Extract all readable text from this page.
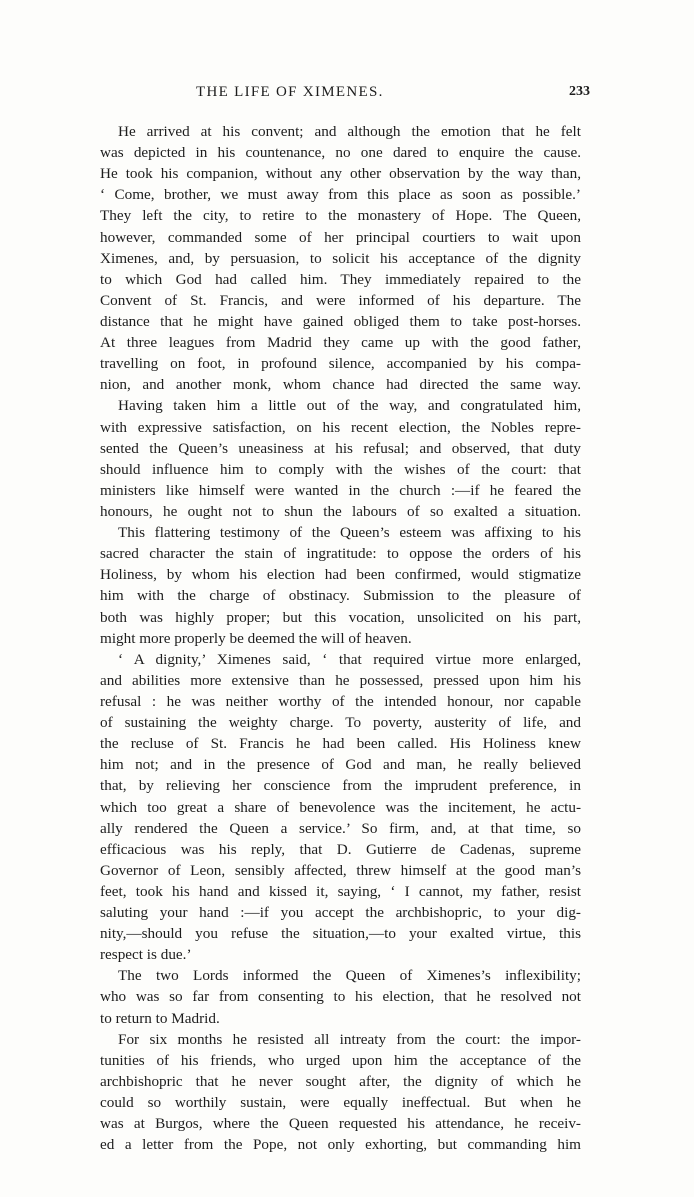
THE LIFE OF XIMENES.	233
He arrived at his convent; and although the emotion that he felt
was depicted in his countenance, no one dared to enquire the cause.
He took his companion, without any other observation by the way than,
‘ Come, brother, we must away from this place as soon as possible.’
They left the city, to retire to the monastery of Hope. The Queen,
however, commanded some of her principal courtiers to wait upon
Ximenes, and, by persuasion, to solicit his acceptance of the dignity
to which God had called him. They immediately repaired to the
Convent of St. Francis, and were informed of his departure. The
distance that he might have gained obliged them to take post-horses.
At three leagues from Madrid they came up with the good father,
travelling on foot, in profound silence, accompanied by his compa-
nion, and another monk, whom chance had directed the same way.
Having taken him a little out of the way, and congratulated him,
with expressive satisfaction, on his recent election, the Nobles repre-
sented the Queen’s uneasiness at his refusal; and observed, that duty
should influence him to comply with the wishes of the court: that
ministers like himself were wanted in the church :—if he feared the
honours, he ought not to shun the labours of so exalted a situation.
This flattering testimony of the Queen’s esteem was affixing to his
sacred character the stain of ingratitude: to oppose the orders of his
Holiness, by whom his election had been confirmed, would stigmatize
him with the charge of obstinacy. Submission to the pleasure of
both was highly proper; but this vocation, unsolicited on his part,
might more properly be deemed the will of heaven.
‘ A dignity,’ Ximenes said, ‘ that required virtue more enlarged,
and abilities more extensive than he possessed, pressed upon him his
refusal : he was neither worthy of the intended honour, nor capable
of sustaining the weighty charge. To poverty, austerity of life, and
the recluse of St. Francis he had been called. His Holiness knew
him not; and in the presence of God and man, he really believed
that, by relieving her conscience from the imprudent preference, in
which too great a share of benevolence was the incitement, he actu-
ally rendered the Queen a service.’ So firm, and, at that time, so
efficacious was his reply, that D. Gutierre de Cadenas, supreme
Governor of Leon, sensibly affected, threw himself at the good man’s
feet, took his hand and kissed it, saying, ‘ I cannot, my father, resist
saluting your hand :—if you accept the archbishopric, to your dig-
nity,—should you refuse the situation,—to your exalted virtue, this
respect is due.’
The two Lords informed the Queen of Ximenes’s inflexibility;
who was so far from consenting to his election, that he resolved not
to return to Madrid.
For six months he resisted all intreaty from the court: the impor-
tunities of his friends, who urged upon him the acceptance of the
archbishopric that he never sought after, the dignity of which he
could so worthily sustain, were equally ineffectual. But when he
was at Burgos, where the Queen requested his attendance, he receiv-
ed a letter from the Pope, not only exhorting, but commanding him
